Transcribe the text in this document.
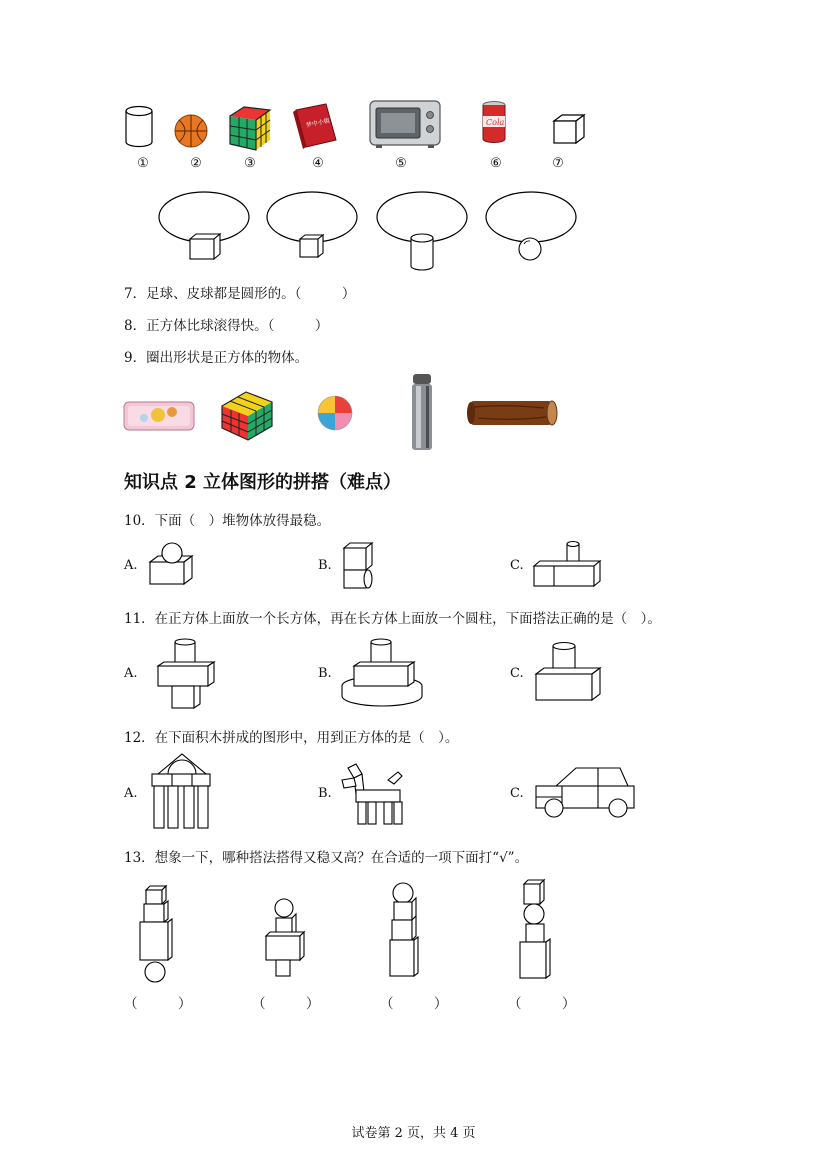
梦中小镇	Cola
①	②	③	④	⑤	⑥	⑦
7．足球、皮球都是圆形的。（　　　）
8．正方体比球滚得快。（　　　）
9．圈出形状是正方体的物体。
知识点 2 立体图形的拼搭（难点）
10．下面（　）堆物体放得最稳。
A.	B.	C.
11．在正方体上面放一个长方体，再在长方体上面放一个圆柱，下面搭法正确的是（　）。
A.	B.	C.
12．在下面积木拼成的图形中，用到正方体的是（　）。
A.	B.	C.
13．想象一下，哪种搭法搭得又稳又高？在合适的一项下面打“√”。
（　　　）	（　　　）	（　　　）	（　　　）
试卷第 2 页，共 4 页
